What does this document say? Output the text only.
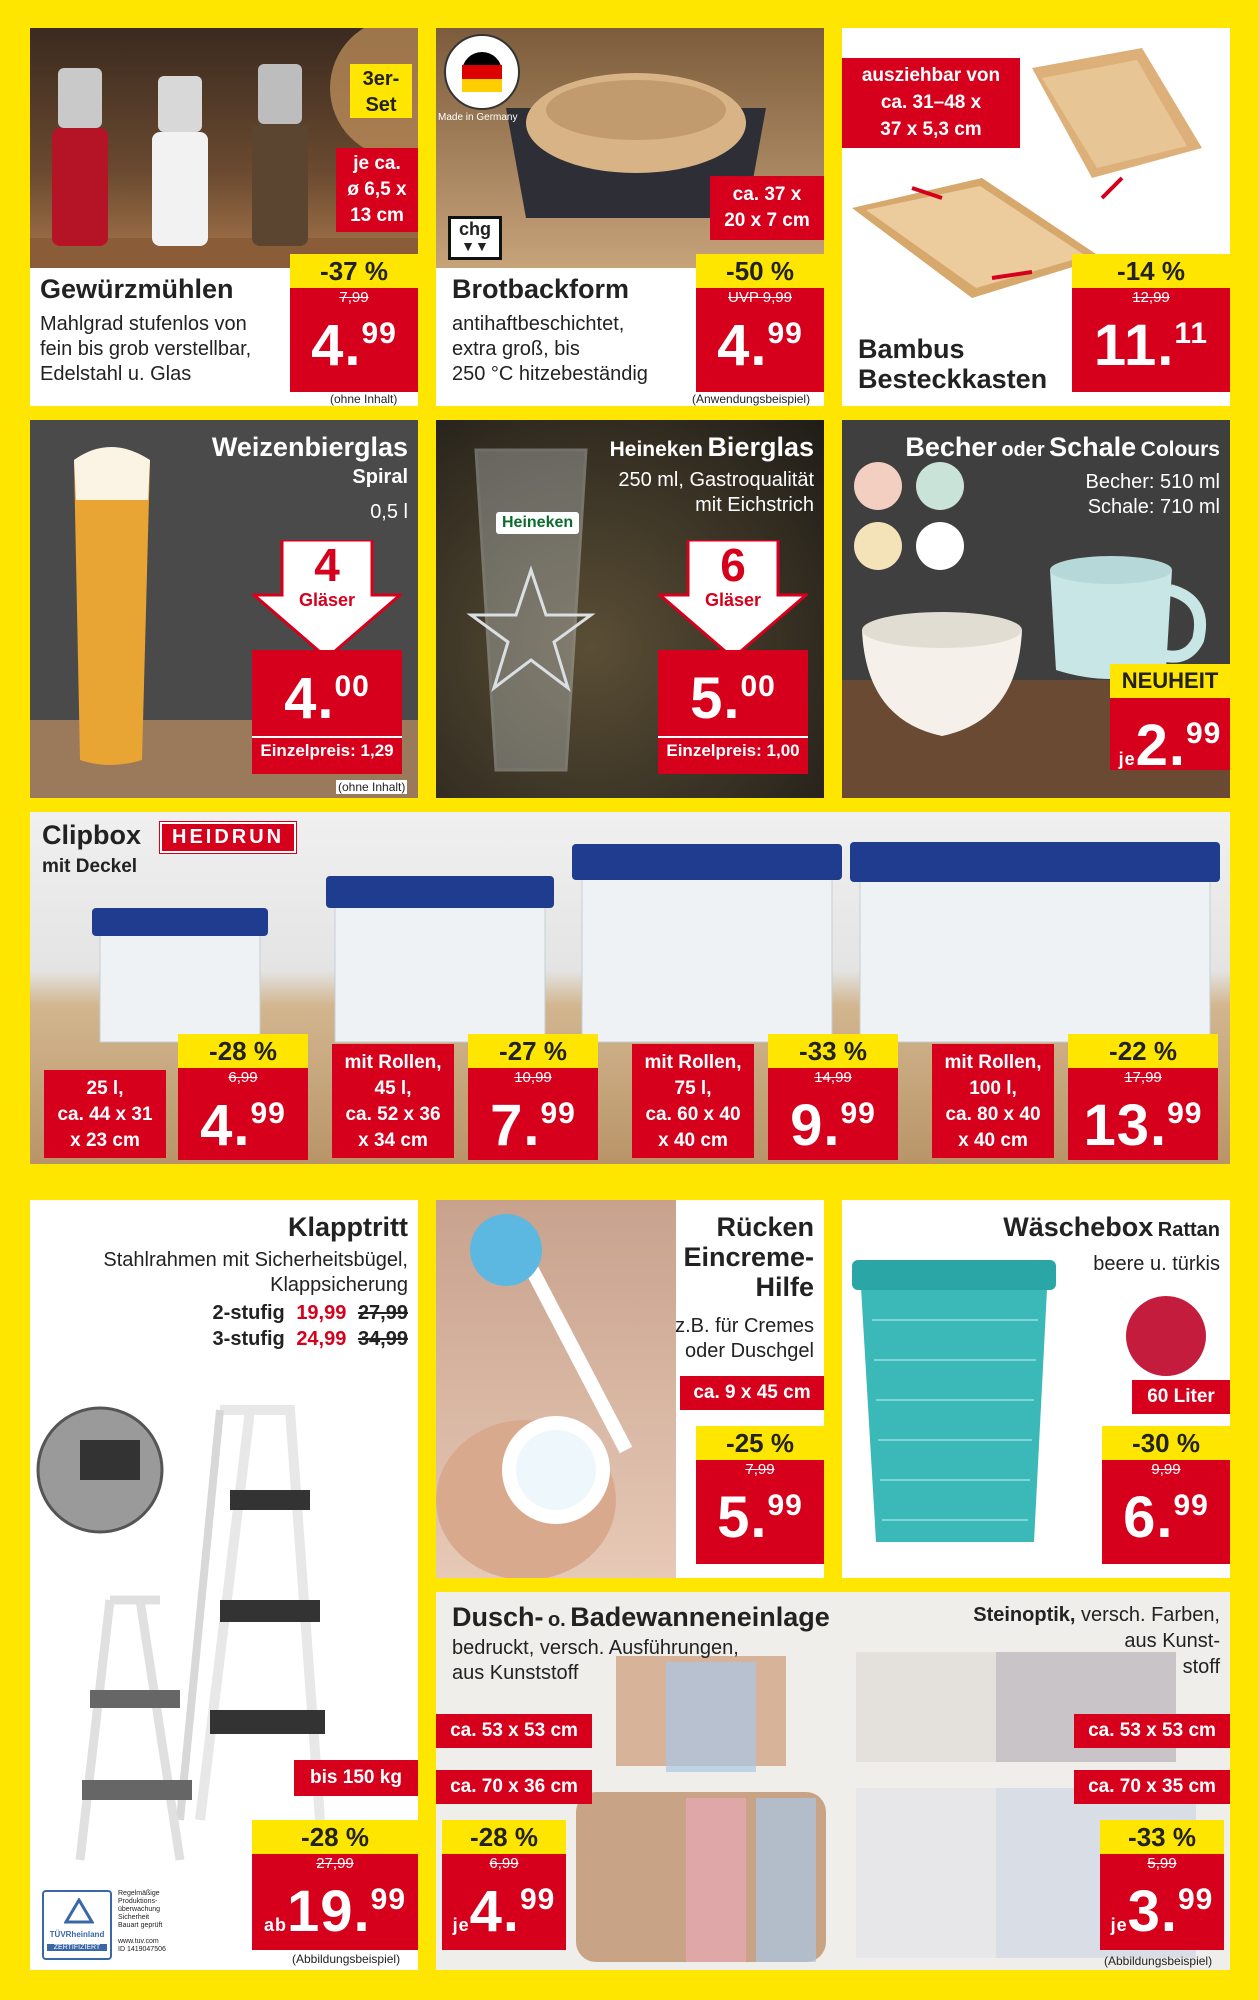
3er-
Set
je ca.
ø 6,5 x
13 cm
Gewürzmühlen
Mahlgrad stufenlos von
fein bis grob verstellbar,
Edelstahl u. Glas
-37 %
7,99
4.99
(ohne Inhalt)
Made in Germany
chg
▼▼
ca. 37 x
20 x 7 cm
Brotbackform
antihaftbeschichtet,
extra groß, bis
250 °C hitzebeständig
-50 %
UVP 9,99
4.99
(Anwendungsbeispiel)
ausziehbar von
ca. 31–48 x
37 x 5,3 cm
Bambus
Besteckkasten
-14 %
12,99
11.11
Weizenbierglas
Spiral
0,5 l
4
Gläser
4.00
Einzelpreis: 1,29
(ohne Inhalt)
Heineken
Heineken Bierglas
250 ml, Gastroqualität
mit Eichstrich
6
Gläser
5.00
Einzelpreis: 1,00
Becher oder Schale Colours
Becher: 510 ml
Schale: 710 ml
NEUHEIT
je2.99
Clipbox	HEIDRUN
mit Deckel
25 l,
ca. 44 x 31
x 23 cm
-28 %
6,99
4.99
mit Rollen,
45 l,
ca. 52 x 36
x 34 cm
-27 %
10,99
7.99
mit Rollen,
75 l,
ca. 60 x 40
x 40 cm
-33 %
14,99
9.99
mit Rollen,
100 l,
ca. 80 x 40
x 40 cm
-22 %
17,99
13.99
Klapptritt
Stahlrahmen mit Sicherheitsbügel,
Klappsicherung
2-stufig 19,99 27,99
3-stufig 24,99 34,99
bis 150 kg
-28 %
27,99
ab19.99
(Abbildungsbeispiel)
TÜVRheinland
ZERTIFIZIERT
Regelmäßige
Produktions-
überwachung
Sicherheit
Bauart geprüft
www.tuv.com
ID 1419047506
Rücken
Eincreme-
Hilfe
z.B. für Cremes
oder Duschgel
ca. 9 x 45 cm
-25 %
7,99
5.99
Wäschebox Rattan
beere u. türkis
60 Liter
-30 %
9,99
6.99
Dusch- o. Badewanneneinlage
bedruckt, versch. Ausführungen,
aus Kunststoff
Steinoptik, versch. Farben,
aus Kunst-
stoff
ca. 53 x 53 cm
ca. 70 x 36 cm
ca. 53 x 53 cm
ca. 70 x 35 cm
-28 %
6,99
je4.99
-33 %
5,99
je3.99
(Abbildungsbeispiel)
